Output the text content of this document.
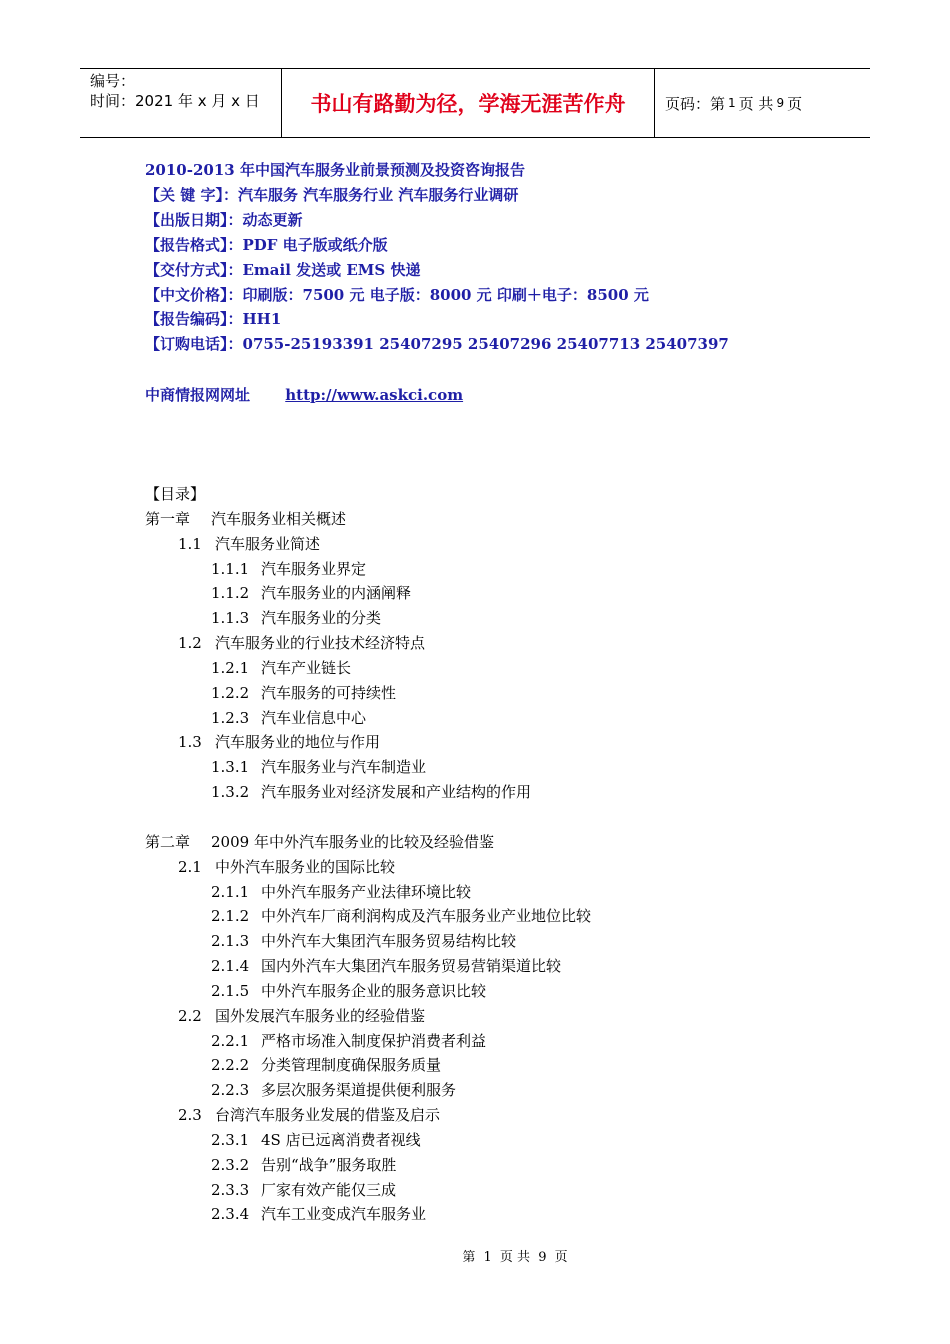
编号：
时间：2021 年 x 月 x 日	书山有路勤为径，学海无涯苦作舟	页码：第 1 页 共 9 页
2010-2013 年中国汽车服务业前景预测及投资咨询报告
【关 键 字】：汽车服务 汽车服务行业 汽车服务行业调研
【出版日期】：动态更新
【报告格式】：PDF 电子版或纸介版
【交付方式】：Email 发送或 EMS 快递
【中文价格】：印刷版：7500 元 电子版：8000 元 印刷＋电子：8500 元
【报告编码】：HH1
【订购电话】：0755-25193391 25407295 25407296 25407713 25407397
中商情报网网址 http://www.askci.com
【目录】
第一章 汽车服务业相关概述
1.1 汽车服务业简述
1.1.1 汽车服务业界定
1.1.2 汽车服务业的内涵阐释
1.1.3 汽车服务业的分类
1.2 汽车服务业的行业技术经济特点
1.2.1 汽车产业链长
1.2.2 汽车服务的可持续性
1.2.3 汽车业信息中心
1.3 汽车服务业的地位与作用
1.3.1 汽车服务业与汽车制造业
1.3.2 汽车服务业对经济发展和产业结构的作用
第二章 2009 年中外汽车服务业的比较及经验借鉴
2.1 中外汽车服务业的国际比较
2.1.1 中外汽车服务产业法律环境比较
2.1.2 中外汽车厂商利润构成及汽车服务业产业地位比较
2.1.3 中外汽车大集团汽车服务贸易结构比较
2.1.4 国内外汽车大集团汽车服务贸易营销渠道比较
2.1.5 中外汽车服务企业的服务意识比较
2.2 国外发展汽车服务业的经验借鉴
2.2.1 严格市场准入制度保护消费者利益
2.2.2 分类管理制度确保服务质量
2.2.3 多层次服务渠道提供便利服务
2.3 台湾汽车服务业发展的借鉴及启示
2.3.1 4S 店已远离消费者视线
2.3.2 告别“战争”服务取胜
2.3.3 厂家有效产能仅三成
2.3.4 汽车工业变成汽车服务业
第 1 页 共 9 页
